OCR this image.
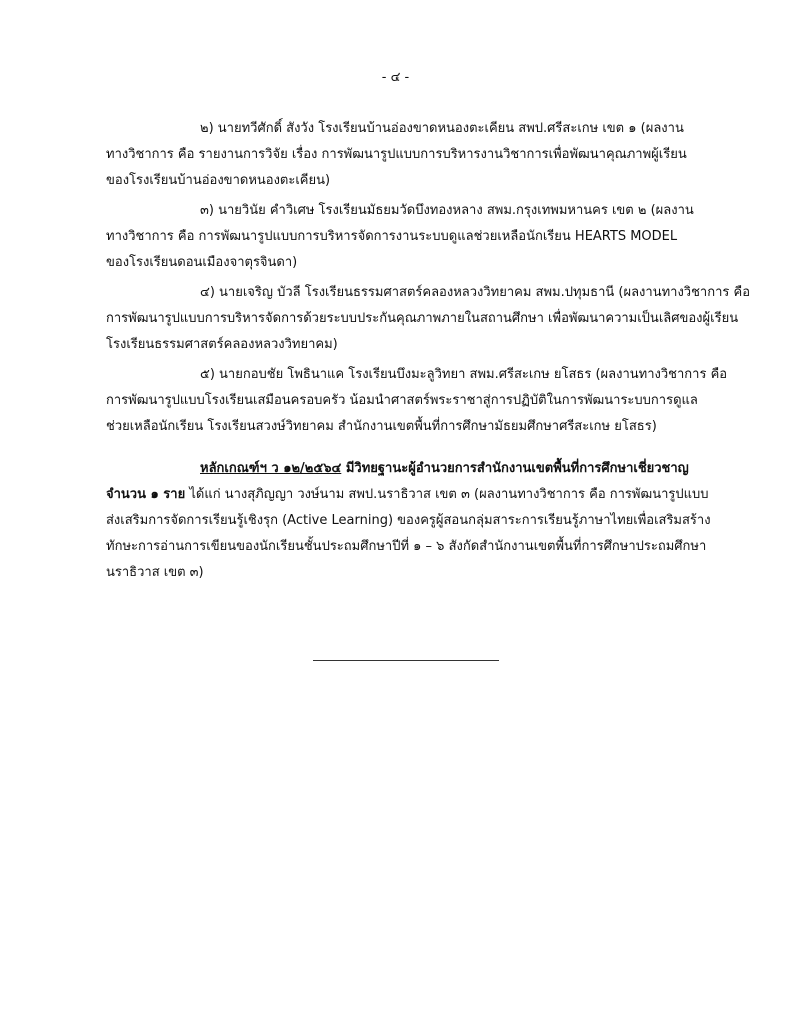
- ๔ -

๒) นายทวีศักดิ์ สังวัง โรงเรียนบ้านอ่องขาดหนองตะเคียน สพป.ศรีสะเกษ เขต ๑ (ผลงาน
ทางวิชาการ คือ รายงานการวิจัย เรื่อง การพัฒนารูปแบบการบริหารงานวิชาการเพื่อพัฒนาคุณภาพผู้เรียน
ของโรงเรียนบ้านอ่องขาดหนองตะเคียน)

๓) นายวินัย คำวิเศษ โรงเรียนมัธยมวัดบึงทองหลาง สพม.กรุงเทพมหานคร เขต ๒ (ผลงาน
ทางวิชาการ คือ การพัฒนารูปแบบการบริหารจัดการงานระบบดูแลช่วยเหลือนักเรียน HEARTS MODEL
ของโรงเรียนดอนเมืองจาตุรจินดา)

๔) นายเจริญ บัวลี โรงเรียนธรรมศาสตร์คลองหลวงวิทยาคม สพม.ปทุมธานี (ผลงานทางวิชาการ คือ
การพัฒนารูปแบบการบริหารจัดการด้วยระบบประกันคุณภาพภายในสถานศึกษา เพื่อพัฒนาความเป็นเลิศของผู้เรียน
โรงเรียนธรรมศาสตร์คลองหลวงวิทยาคม)

๕) นายกอบชัย โพธินาแค โรงเรียนบึงมะลูวิทยา สพม.ศรีสะเกษ ยโสธร (ผลงานทางวิชาการ คือ
การพัฒนารูปแบบโรงเรียนเสมือนครอบครัว น้อมนำศาสตร์พระราชาสู่การปฏิบัติในการพัฒนาระบบการดูแล
ช่วยเหลือนักเรียน โรงเรียนสวงษ์วิทยาคม สำนักงานเขตพื้นที่การศึกษามัธยมศึกษาศรีสะเกษ ยโสธร)

หลักเกณฑ์ฯ ว ๑๒/๒๕๖๔ มีวิทยฐานะผู้อำนวยการสำนักงานเขตพื้นที่การศึกษาเชี่ยวชาญ
จำนวน ๑ ราย ได้แก่ นางสุภิญญา วงษ์นาม สพป.นราธิวาส เขต ๓ (ผลงานทางวิชาการ คือ การพัฒนารูปแบบ
ส่งเสริมการจัดการเรียนรู้เชิงรุก (Active Learning) ของครูผู้สอนกลุ่มสาระการเรียนรู้ภาษาไทยเพื่อเสริมสร้าง
ทักษะการอ่านการเขียนของนักเรียนชั้นประถมศึกษาปีที่ ๑ – ๖ สังกัดสำนักงานเขตพื้นที่การศึกษาประถมศึกษา
นราธิวาส เขต ๓)
